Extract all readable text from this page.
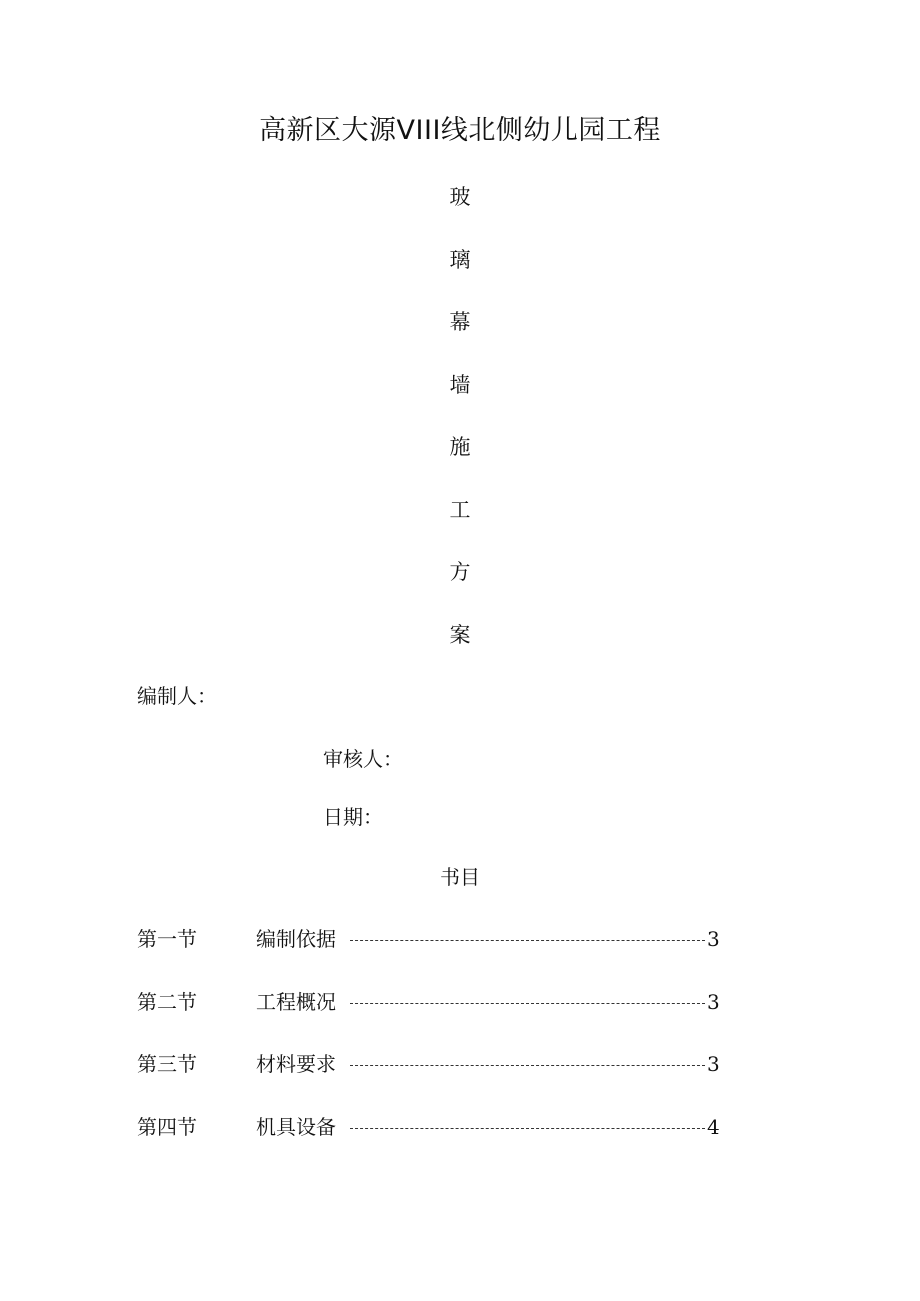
高新区大源VIII线北侧幼儿园工程
玻
璃
幕
墙
施
工
方
案
编制人：
审核人：
日期：
书目
第一节	编制依据	3
第二节	工程概况	3
第三节	材料要求	3
第四节	机具设备	4
